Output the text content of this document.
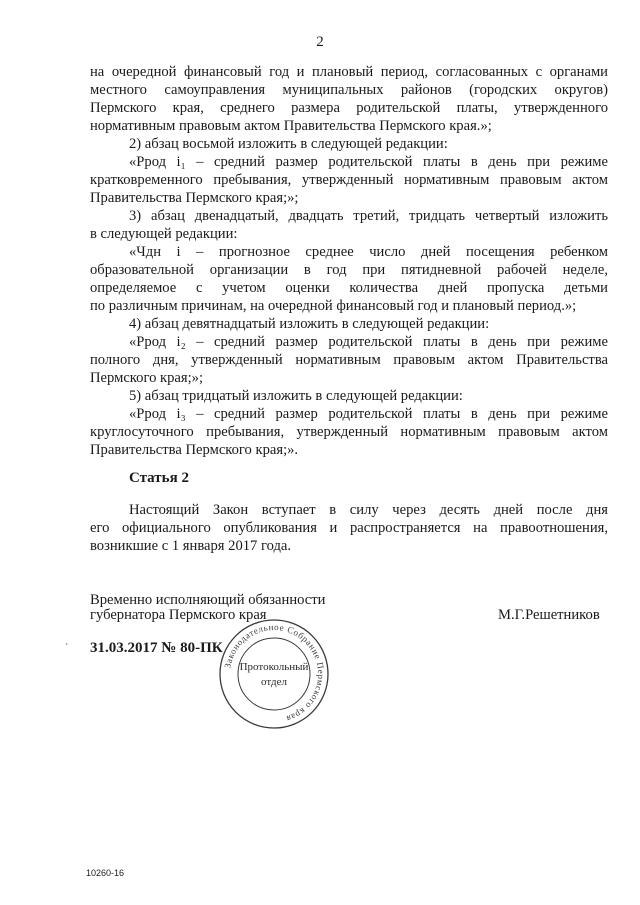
2
на очередной финансовый год и плановый период, согласованных с органами
местного самоуправления муниципальных районов (городских округов)
Пермского края, среднего размера родительской платы, утвержденного
нормативным правовым актом Правительства Пермского края.»;
2) абзац восьмой изложить в следующей редакции:
«Ррод i₁ – средний размер родительской платы в день при режиме
кратковременного пребывания, утвержденный нормативным правовым актом
Правительства Пермского края;»;
3) абзац двенадцатый, двадцать третий, тридцать четвертый изложить
в следующей редакции:
«Чдн i – прогнозное среднее число дней посещения ребенком
образовательной организации в год при пятидневной рабочей неделе,
определяемое с учетом оценки количества дней пропуска детьми
по различным причинам, на очередной финансовый год и плановый период.»;
4) абзац девятнадцатый изложить в следующей редакции:
«Ррод i₂ – средний размер родительской платы в день при режиме
полного дня, утвержденный нормативным правовым актом Правительства
Пермского края;»;
5) абзац тридцатый изложить в следующей редакции:
«Ррод i₃ – средний размер родительской платы в день при режиме
круглосуточного пребывания, утвержденный нормативным правовым актом
Правительства Пермского края;».
Статья 2
Настоящий Закон вступает в силу через десять дней после дня
его официального опубликования и распространяется на правоотношения,
возникшие с 1 января 2017 года.
Временно исполняющий обязанности
губернатора Пермского края	М.Г.Решетников
` 31.03.2017 № 80-ПК
Законодательное Собрание Пермского края
Протокольный
отдел
10260-16
